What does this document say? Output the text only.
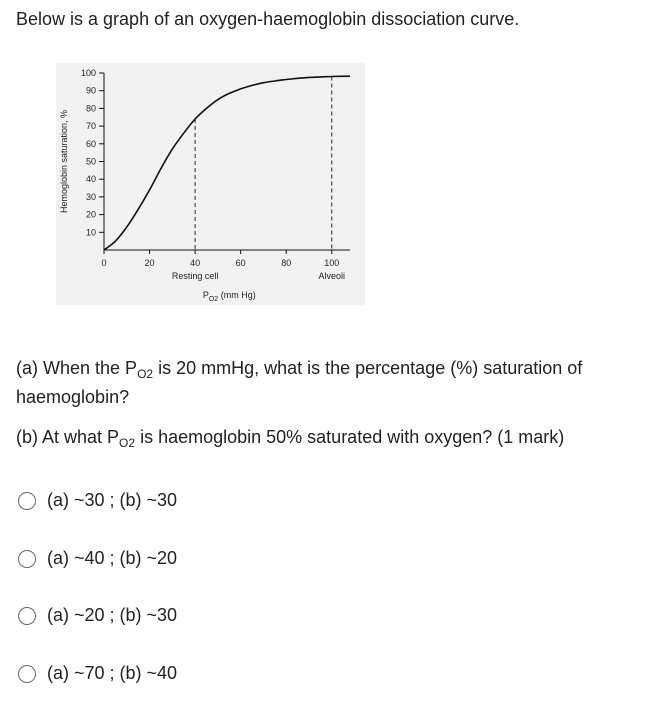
Below is a graph of an oxygen-haemoglobin dissociation curve.
10
20
30
40
50
60
70
80
90
100
0	20	40	60	80	100
Hemoglobin saturation, %
Resting cell	Alveoli
$P_{O2}$ (mm Hg)

(a) When the $P_{O2}$ is 20 mmHg, what is the percentage (%) saturation of haemoglobin?

(b) At what $P_{O2}$ is haemoglobin 50% saturated with oxygen? (1 mark)

(a) ~30 ; (b) ~30
(a) ~40 ; (b) ~20
(a) ~20 ; (b) ~30
(a) ~70 ; (b) ~40
